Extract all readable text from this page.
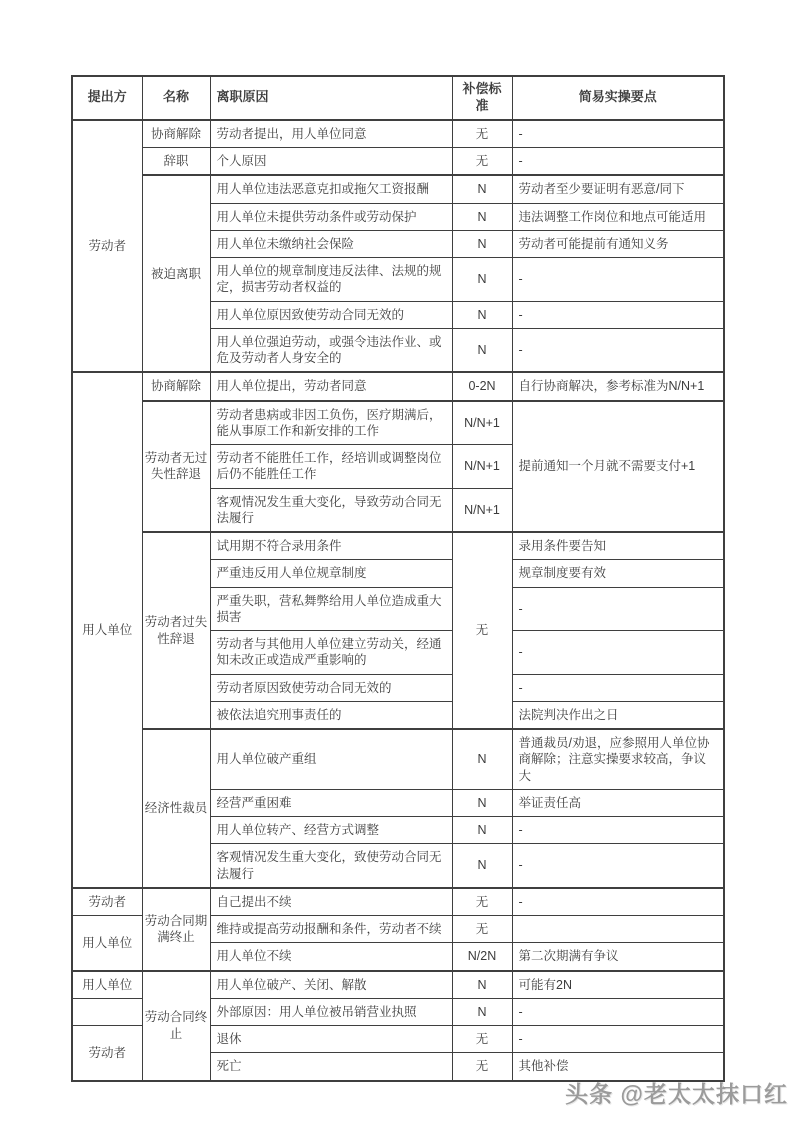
提出方	名称	离职原因	补偿标准	简易实操要点
劳动者	协商解除	劳动者提出，用人单位同意	无	-
	辞职	个人原因	无	-
	被迫离职	用人单位违法恶意克扣或拖欠工资报酬	N	劳动者至少要证明有恶意/同下
		用人单位未提供劳动条件或劳动保护	N	违法调整工作岗位和地点可能适用
		用人单位未缴纳社会保险	N	劳动者可能提前有通知义务
		用人单位的规章制度违反法律、法规的规定，损害劳动者权益的	N	-
		用人单位原因致使劳动合同无效的	N	-
		用人单位强迫劳动，或强令违法作业、或危及劳动者人身安全的	N	-
用人单位	协商解除	用人单位提出，劳动者同意	0-2N	自行协商解决，参考标准为N/N+1
	劳动者无过失性辞退	劳动者患病或非因工负伤，医疗期满后，能从事原工作和新安排的工作	N/N+1	提前通知一个月就不需要支付+1
		劳动者不能胜任工作，经培训或调整岗位后仍不能胜任工作	N/N+1	
		客观情况发生重大变化，导致劳动合同无法履行	N/N+1	
	劳动者过失性辞退	试用期不符合录用条件	无	录用条件要告知
		严重违反用人单位规章制度		规章制度要有效
		严重失职，营私舞弊给用人单位造成重大损害		-
		劳动者与其他用人单位建立劳动关，经通知未改正或造成严重影响的		-
		劳动者原因致使劳动合同无效的		-
		被依法追究刑事责任的		法院判决作出之日
	经济性裁员	用人单位破产重组	N	普通裁员/劝退，应参照用人单位协商解除；注意实操要求较高，争议大
		经营严重困难	N	举证责任高
		用人单位转产、经营方式调整	N	-
		客观情况发生重大变化，致使劳动合同无法履行	N	-
劳动者	劳动合同期满终止	自己提出不续	无	-
用人单位		维持或提高劳动报酬和条件，劳动者不续	无	
		用人单位不续	N/2N	第二次期满有争议
用人单位	劳动合同终止	用人单位破产、关闭、解散	N	可能有2N
		外部原因：用人单位被吊销营业执照	N	-
劳动者		退休	无	-
		死亡	无	其他补偿
头条 @老太太抹口红
